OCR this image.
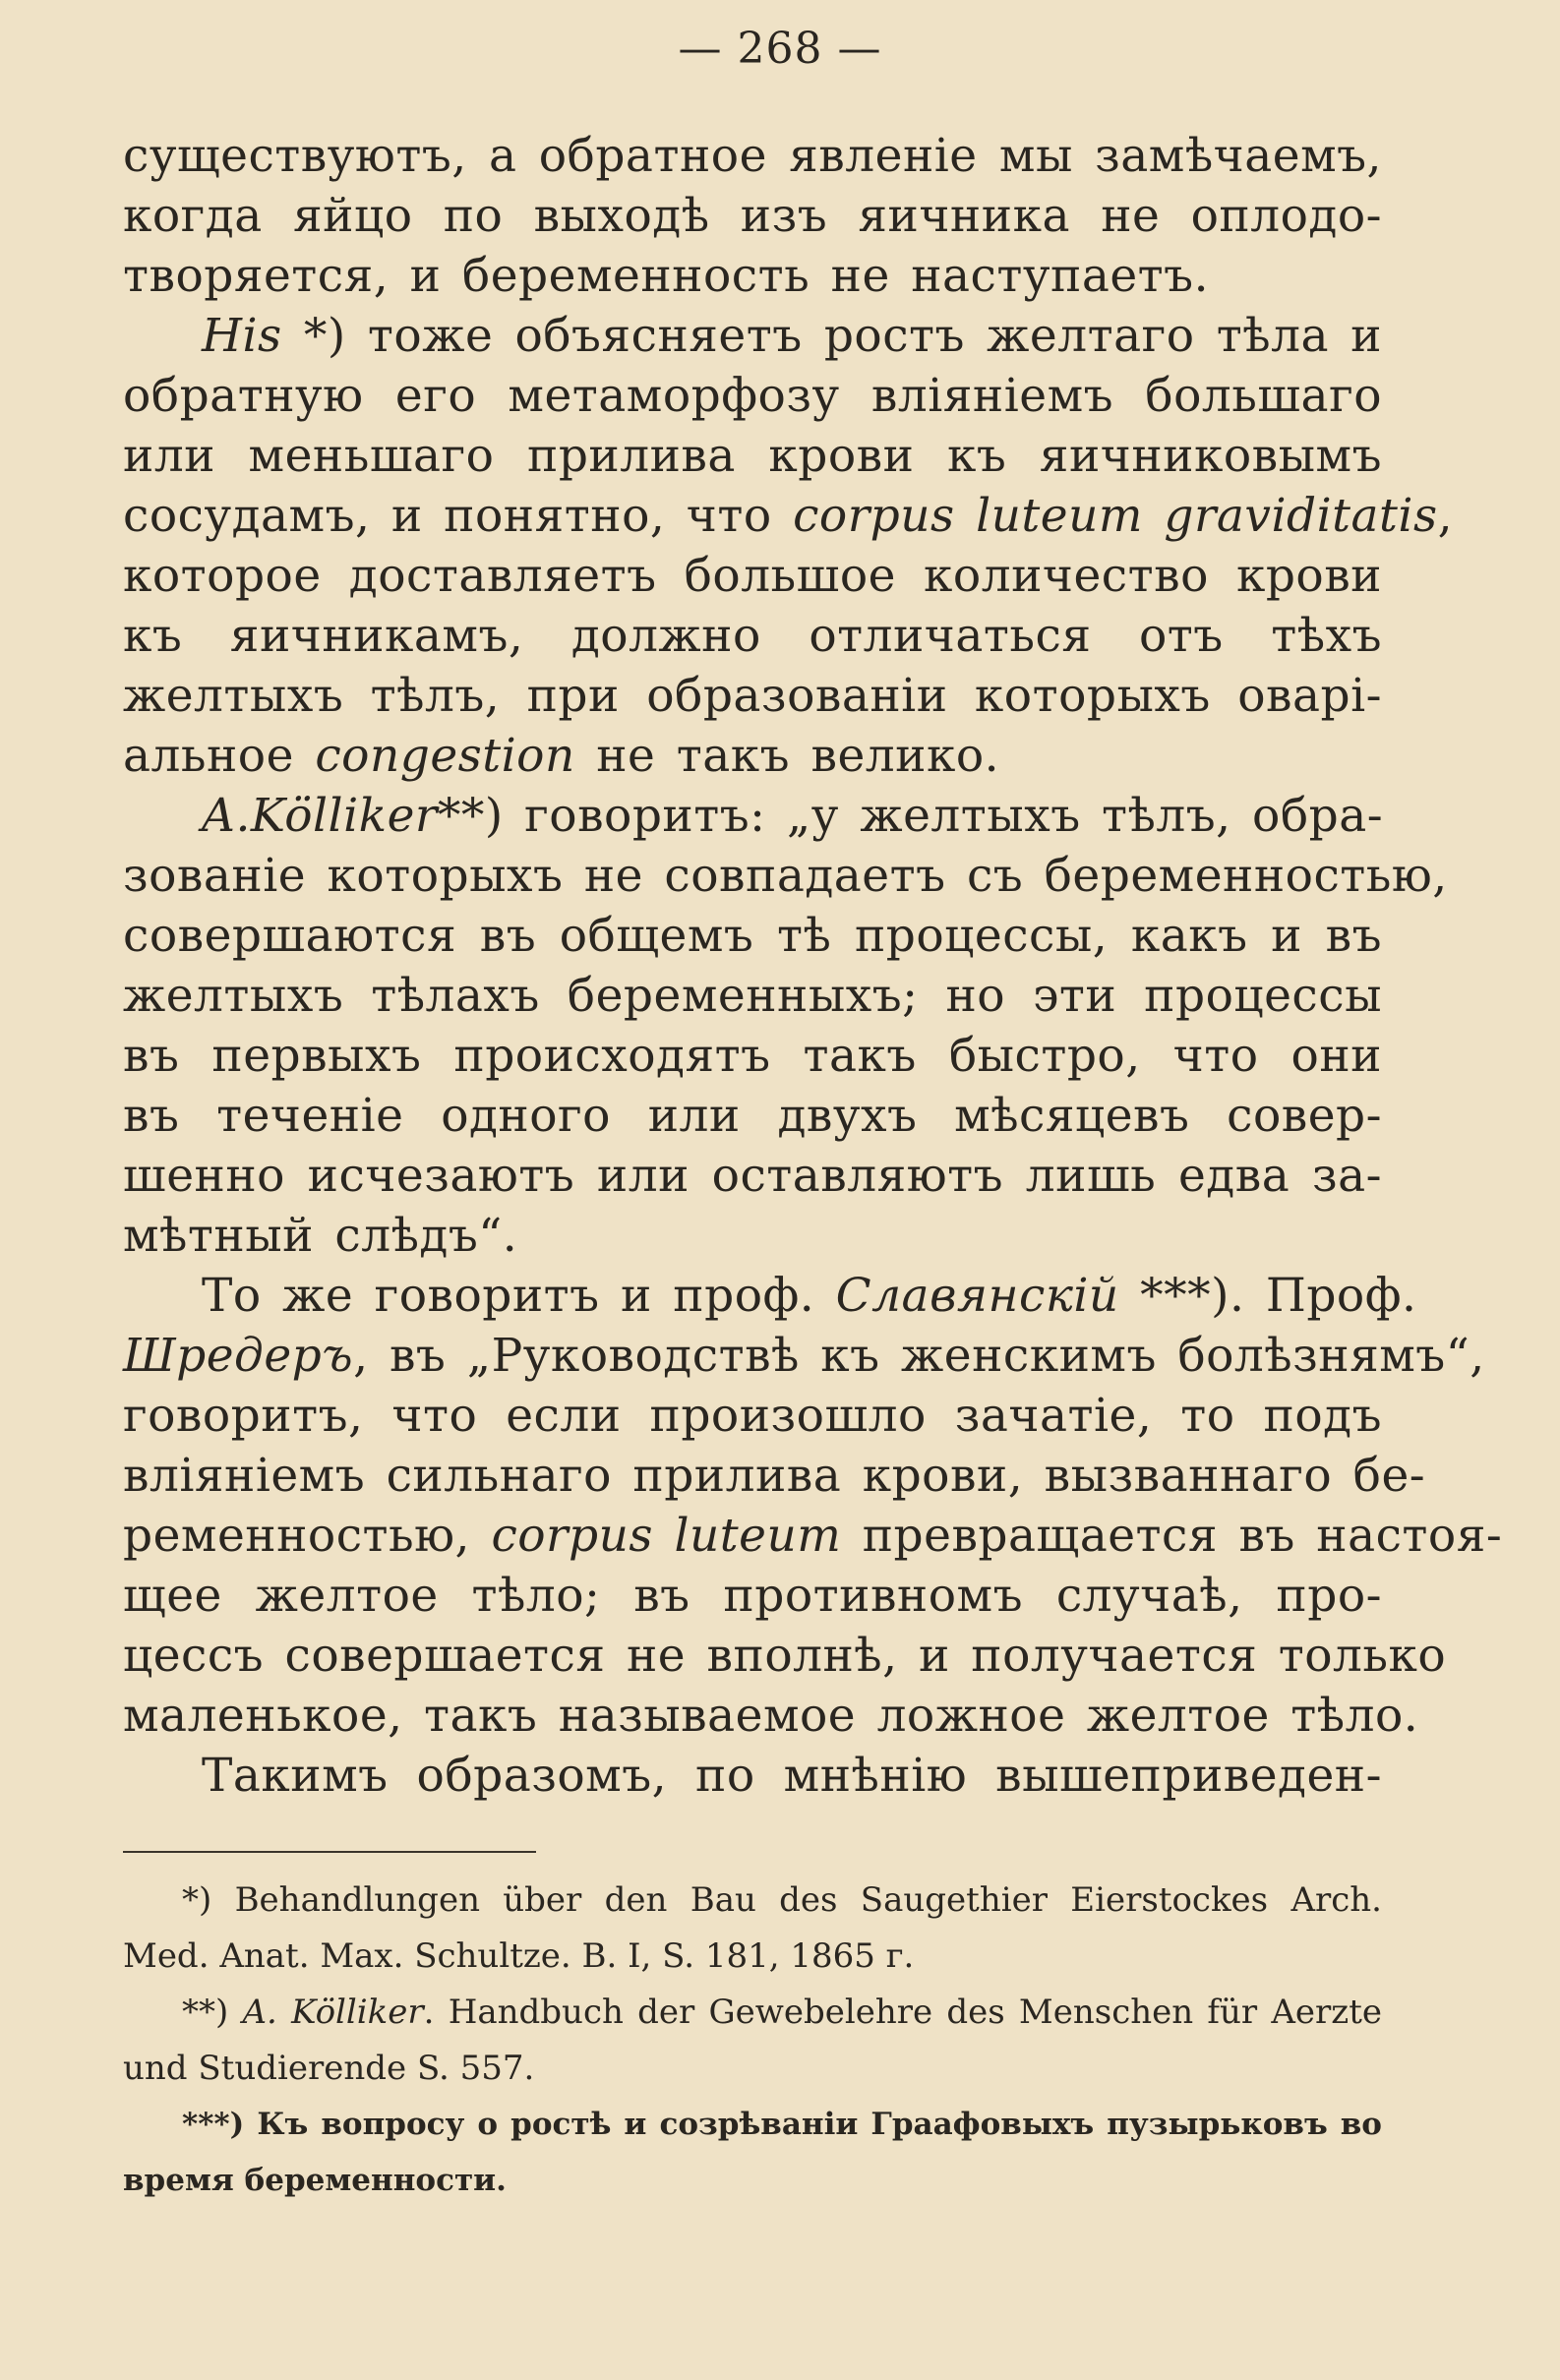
— 268 —
существуютъ, а обратное явленіе мы замѣчаемъ,
когда яйцо по выходѣ изъ яичника не оплодо-
творяется, и беременность не наступаетъ.
His *) тоже объясняетъ ростъ желтаго тѣла и
обратную его метаморфозу вліяніемъ большаго
или меньшаго прилива крови къ яичниковымъ
сосудамъ, и понятно, что corpus luteum graviditatis,
которое доставляетъ большое количество крови
къ яичникамъ, должно отличаться отъ тѣхъ
желтыхъ тѣлъ, при образованіи которыхъ оварі-
альное congestion не такъ велико.
A.Kölliker**) говоритъ: „у желтыхъ тѣлъ, обра-
зованіе которыхъ не совпадаетъ съ беременностью,
совершаются въ общемъ тѣ процессы, какъ и въ
желтыхъ тѣлахъ беременныхъ; но эти процессы
въ первыхъ происходятъ такъ быстро, что они
въ теченіе одного или двухъ мѣсяцевъ совер-
шенно исчезаютъ или оставляютъ лишь едва за-
мѣтный слѣдъ“.
То же говоритъ и проф. Славянскій ***). Проф.
Шредеръ, въ „Руководствѣ къ женскимъ болѣзнямъ“,
говоритъ, что если произошло зачатіе, то подъ
вліяніемъ сильнаго прилива крови, вызваннаго бе-
ременностью, corpus luteum превращается въ настоя-
щее желтое тѣло; въ противномъ случаѣ, про-
цессъ совершается не вполнѣ, и получается только
маленькое, такъ называемое ложное желтое тѣло.
Такимъ образомъ, по мнѣнію вышеприведен-
*) Behandlungen über den Bau des Saugethier Eierstockes Arch.
Med. Anat. Max. Schultze. B. I, S. 181, 1865 г.
**) A. Kölliker. Handbuch der Gewebelehre des Menschen für Aerzte
und Studierende S. 557.
***) Къ вопросу о ростѣ и созрѣваніи Граафовыхъ пузырьковъ во
время беременности.
